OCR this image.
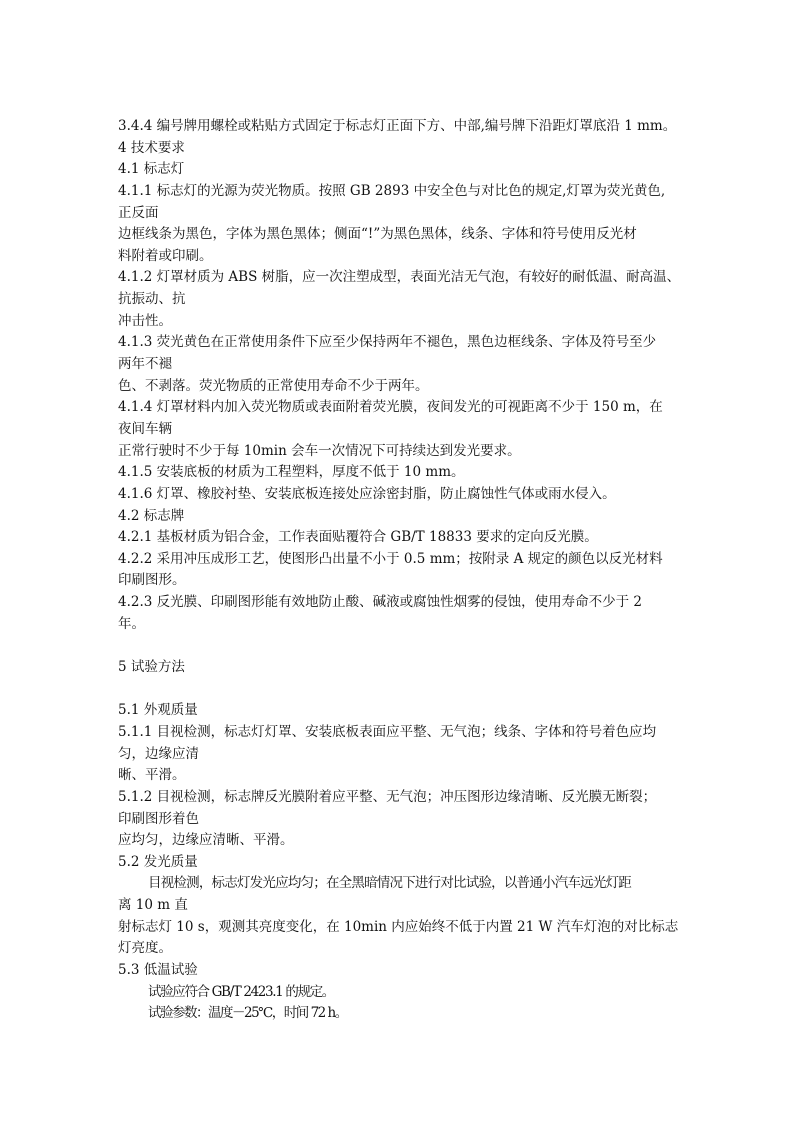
3.4.4 编号牌用螺栓或粘贴方式固定于标志灯正面下方、中部,编号牌下沿距灯罩底沿 1 mm。

4 技术要求

4.1 标志灯

4.1.1 标志灯的光源为荧光物质。按照 GB 2893 中安全色与对比色的规定,灯罩为荧光黄色,

正反面

边框线条为黑色，字体为黑色黑体；侧面“!”为黑色黑体，线条、字体和符号使用反光材

料附着或印刷。

4.1.2 灯罩材质为 ABS 树脂，应一次注塑成型，表面光洁无气泡，有较好的耐低温、耐高温、

抗振动、抗

冲击性。

4.1.3 荧光黄色在正常使用条件下应至少保持两年不褪色，黑色边框线条、字体及符号至少

两年不褪

色、不剥落。荧光物质的正常使用寿命不少于两年。

4.1.4 灯罩材料内加入荧光物质或表面附着荧光膜，夜间发光的可视距离不少于 150 m，在

夜间车辆

正常行驶时不少于每 10min 会车一次情况下可持续达到发光要求。

4.1.5 安装底板的材质为工程塑料，厚度不低于 10 mm。

4.1.6 灯罩、橡胶衬垫、安装底板连接处应涂密封脂，防止腐蚀性气体或雨水侵入。

4.2 标志牌

4.2.1 基板材质为铝合金，工作表面贴覆符合 GB/T 18833 要求的定向反光膜。

4.2.2 采用冲压成形工艺，使图形凸出量不小于 0.5 mm；按附录 A 规定的颜色以反光材料

印刷图形。

4.2.3 反光膜、印刷图形能有效地防止酸、碱液或腐蚀性烟雾的侵蚀，使用寿命不少于 2

年。

5 试验方法

5.1 外观质量

5.1.1 目视检测，标志灯灯罩、安装底板表面应平整、无气泡；线条、字体和符号着色应均

匀，边缘应清

晰、平滑。

5.1.2 目视检测，标志牌反光膜附着应平整、无气泡；冲压图形边缘清晰、反光膜无断裂；

印刷图形着色

应均匀，边缘应清晰、平滑。

5.2 发光质量

目视检测，标志灯发光应均匀；在全黑暗情况下进行对比试验，以普通小汽车远光灯距

离 10 m 直

射标志灯 10 s，观测其亮度变化，在 10min 内应始终不低于内置 21 W 汽车灯泡的对比标志

灯亮度。

5.3 低温试验

试验应符合 GB/T 2423.1 的规定。

试验参数：温度－25℃，时间 72 h。
